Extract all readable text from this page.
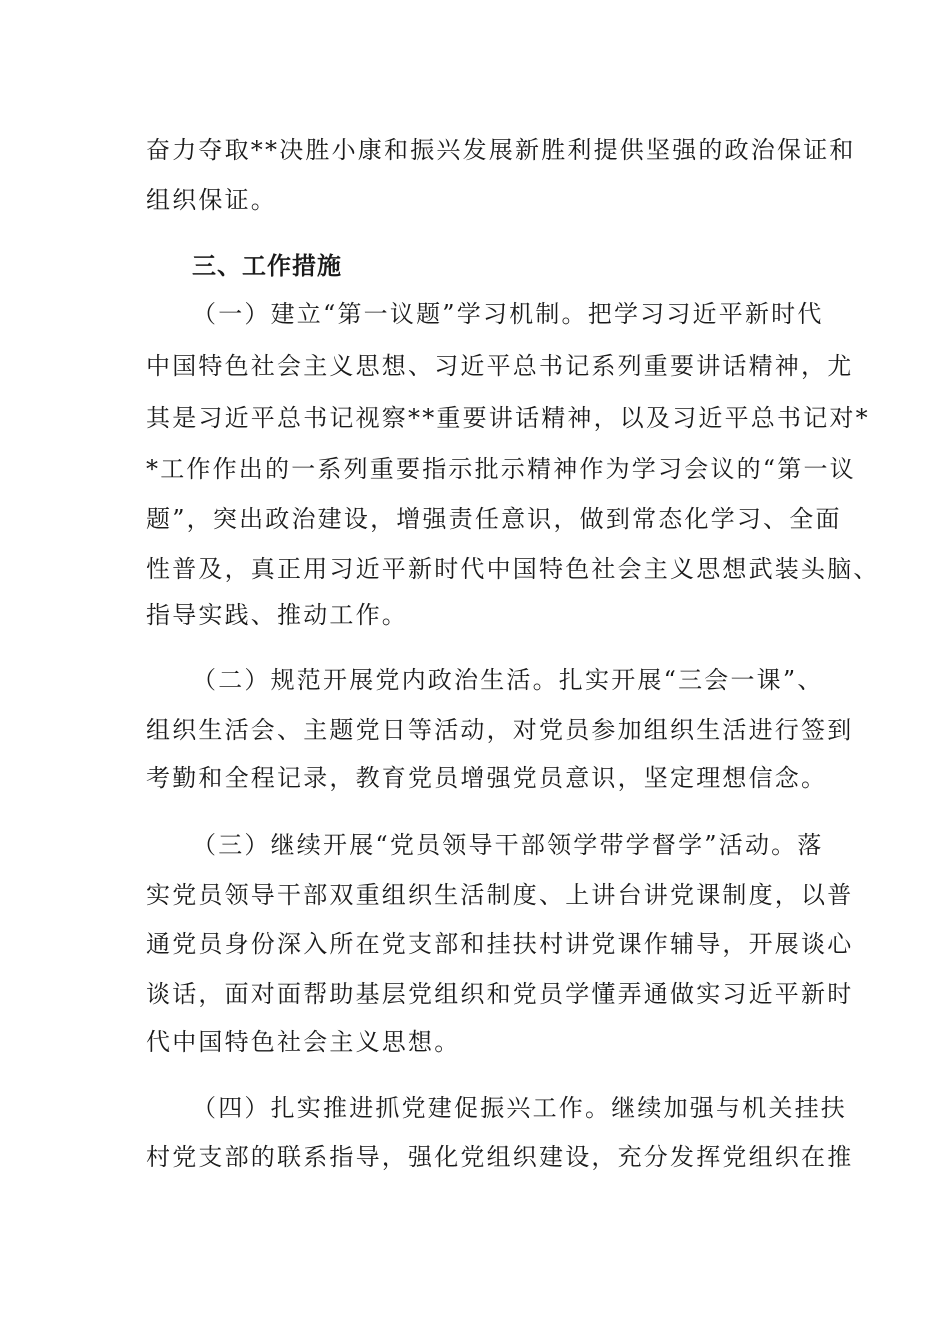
奋力夺取**决胜小康和振兴发展新胜利提供坚强的政治保证和
组织保证。
三、工作措施
（一）建立“第一议题”学习机制。把学习习近平新时代
中国特色社会主义思想、习近平总书记系列重要讲话精神，尤
其是习近平总书记视察**重要讲话精神，以及习近平总书记对*
*工作作出的一系列重要指示批示精神作为学习会议的“第一议
题”，突出政治建设，增强责任意识，做到常态化学习、全面
性普及，真正用习近平新时代中国特色社会主义思想武装头脑、
指导实践、推动工作。
（二）规范开展党内政治生活。扎实开展“三会一课”、
组织生活会、主题党日等活动，对党员参加组织生活进行签到
考勤和全程记录，教育党员增强党员意识，坚定理想信念。
（三）继续开展“党员领导干部领学带学督学”活动。落
实党员领导干部双重组织生活制度、上讲台讲党课制度，以普
通党员身份深入所在党支部和挂扶村讲党课作辅导，开展谈心
谈话，面对面帮助基层党组织和党员学懂弄通做实习近平新时
代中国特色社会主义思想。
（四）扎实推进抓党建促振兴工作。继续加强与机关挂扶
村党支部的联系指导，强化党组织建设，充分发挥党组织在推
